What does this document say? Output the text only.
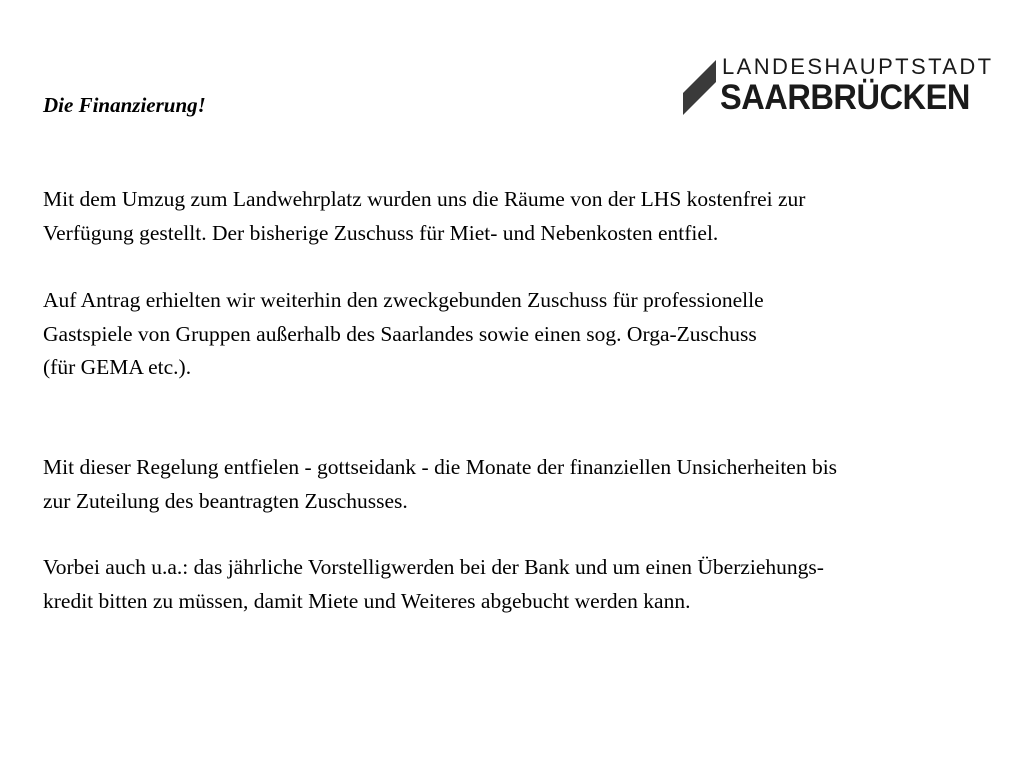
LANDESHAUPTSTADT
SAARBRÜCKEN
Die Finanzierung!

Mit dem Umzug zum Landwehrplatz wurden uns die Räume von der LHS kostenfrei zur
Verfügung gestellt. Der bisherige Zuschuss für Miet- und Nebenkosten entfiel.

Auf Antrag erhielten wir weiterhin den zweckgebunden Zuschuss für professionelle
Gastspiele von Gruppen außerhalb des Saarlandes sowie einen sog. Orga-Zuschuss
(für GEMA etc.).

Mit dieser Regelung entfielen - gottseidank - die Monate der finanziellen Unsicherheiten bis
zur Zuteilung des beantragten Zuschusses.

Vorbei auch u.a.: das jährliche Vorstelligwerden bei der Bank und um einen Überziehungs-
kredit bitten zu müssen, damit Miete und Weiteres abgebucht werden kann.
